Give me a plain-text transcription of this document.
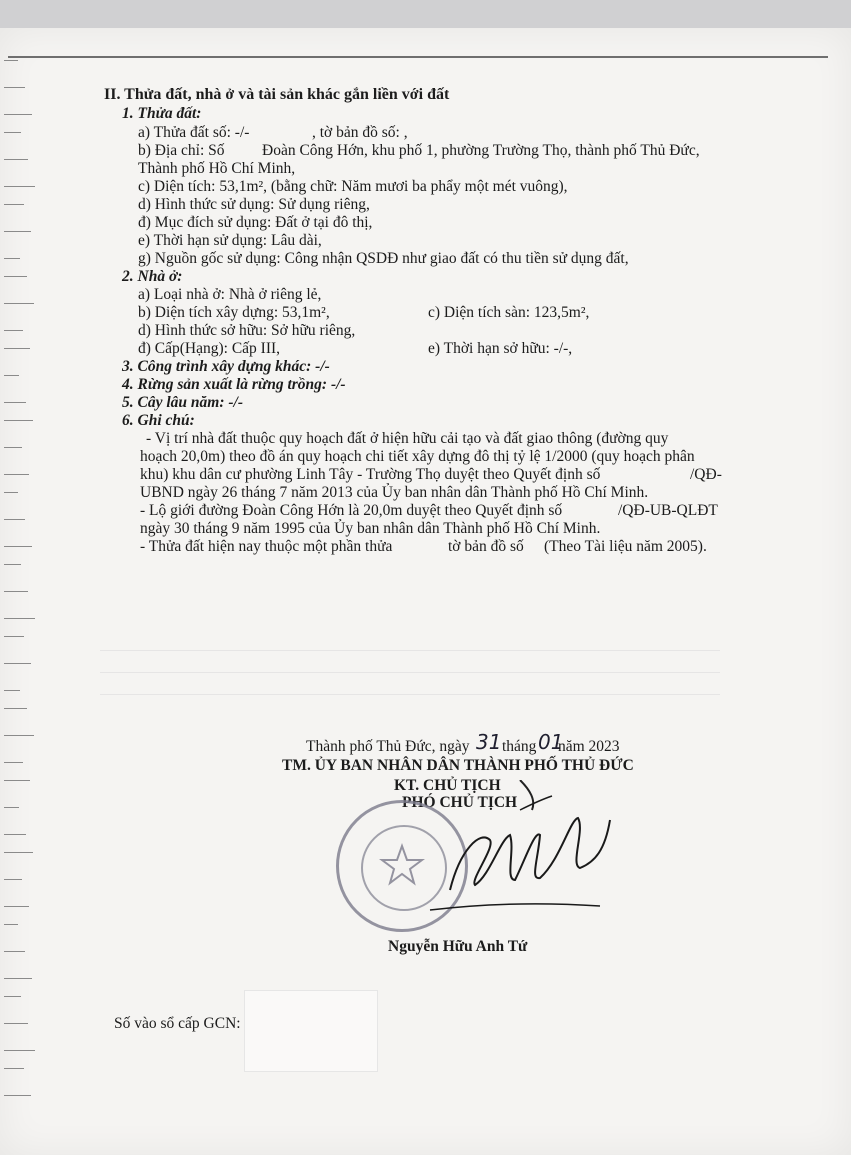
II. Thửa đất, nhà ở và tài sản khác gắn liền với đất
1. Thửa đất:
a) Thửa đất số: -/-	, tờ bản đồ số: ,
b) Địa chỉ: Số Đoàn Công Hớn, khu phố 1, phường Trường Thọ, thành phố Thủ Đức,
Thành phố Hồ Chí Minh,
c) Diện tích: 53,1m², (bằng chữ: Năm mươi ba phẩy một mét vuông),
d) Hình thức sử dụng: Sử dụng riêng,
đ) Mục đích sử dụng: Đất ở tại đô thị,
e) Thời hạn sử dụng: Lâu dài,
g) Nguồn gốc sử dụng: Công nhận QSDĐ như giao đất có thu tiền sử dụng đất,
2. Nhà ở:
a) Loại nhà ở: Nhà ở riêng lẻ,
b) Diện tích xây dựng: 53,1m²,	c) Diện tích sàn: 123,5m²,
d) Hình thức sở hữu: Sở hữu riêng,
đ) Cấp(Hạng): Cấp III,	e) Thời hạn sở hữu: -/-,
3. Công trình xây dựng khác: -/-
4. Rừng sản xuất là rừng trồng: -/-
5. Cây lâu năm: -/-
6. Ghi chú:
- Vị trí nhà đất thuộc quy hoạch đất ở hiện hữu cải tạo và đất giao thông (đường quy
hoạch 20,0m) theo đồ án quy hoạch chi tiết xây dựng đô thị tỷ lệ 1/2000 (quy hoạch phân
khu) khu dân cư phường Linh Tây - Trường Thọ duyệt theo Quyết định số	/QĐ-
UBND ngày 26 tháng 7 năm 2013 của Ủy ban nhân dân Thành phố Hồ Chí Minh.
- Lộ giới đường Đoàn Công Hớn là 20,0m duyệt theo Quyết định số	/QĐ-UB-QLĐT
ngày 30 tháng 9 năm 1995 của Ủy ban nhân dân Thành phố Hồ Chí Minh.
- Thửa đất hiện nay thuộc một phần thửa	tờ bản đồ số (Theo Tài liệu năm 2005).
Thành phố Thủ Đức, ngày 31 tháng 01
năm 2023
TM. ỦY BAN NHÂN DÂN THÀNH PHỐ THỦ ĐỨC
KT. CHỦ TỊCH
PHÓ CHỦ TỊCH
Nguyễn Hữu Anh Tứ
Số vào sổ cấp GCN:
